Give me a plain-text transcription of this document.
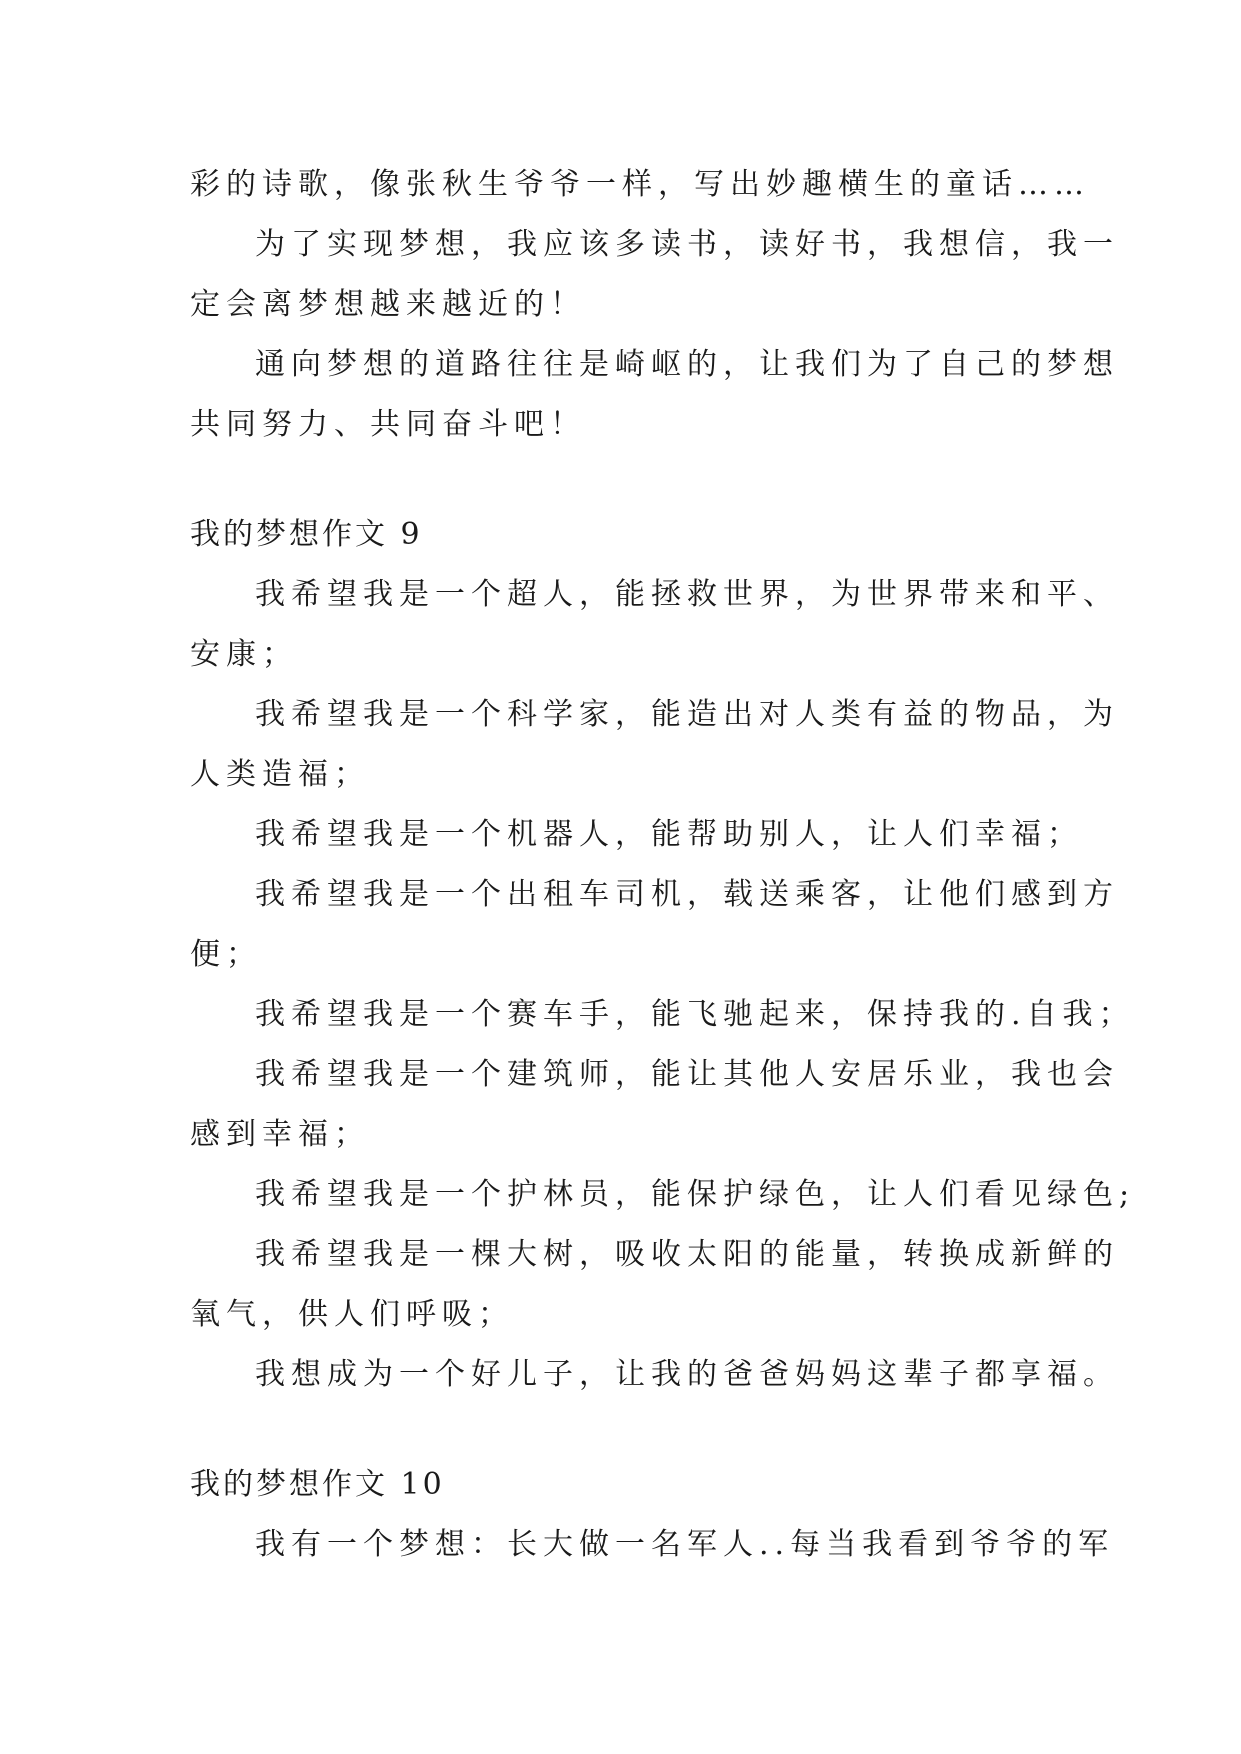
彩的诗歌，像张秋生爷爷一样，写出妙趣横生的童话……
为了实现梦想，我应该多读书，读好书，我想信，我一
定会离梦想越来越近的！
通向梦想的道路往往是崎岖的，让我们为了自己的梦想
共同努力、共同奋斗吧！
我的梦想作文 9
我希望我是一个超人，能拯救世界，为世界带来和平、
安康；
我希望我是一个科学家，能造出对人类有益的物品，为
人类造福；
我希望我是一个机器人，能帮助别人，让人们幸福；
我希望我是一个出租车司机，载送乘客，让他们感到方
便；
我希望我是一个赛车手，能飞驰起来，保持我的.自我；
我希望我是一个建筑师，能让其他人安居乐业，我也会
感到幸福；
我希望我是一个护林员，能保护绿色，让人们看见绿色;
我希望我是一棵大树，吸收太阳的能量，转换成新鲜的
氧气，供人们呼吸；
我想成为一个好儿子，让我的爸爸妈妈这辈子都享福。
我的梦想作文 10
我有一个梦想：长大做一名军人..每当我看到爷爷的军
